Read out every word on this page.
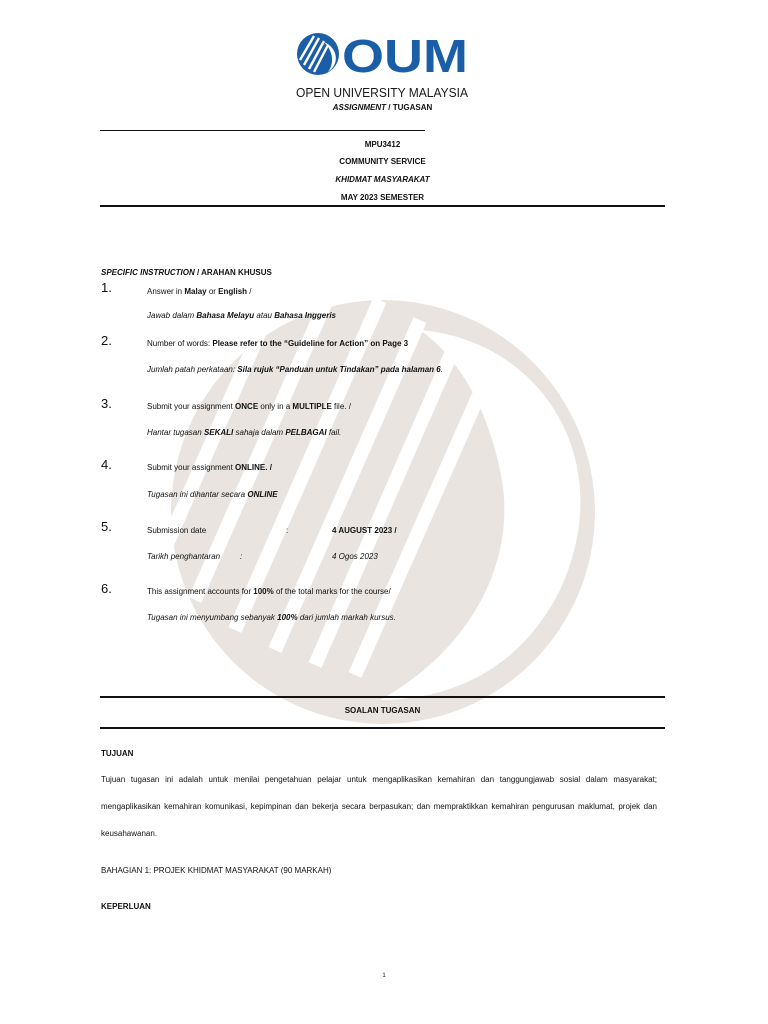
OUM
OPEN UNIVERSITY MALAYSIA
ASSIGNMENT / TUGASAN
MPU3412
COMMUNITY SERVICE
KHIDMAT MASYARAKAT
MAY 2023 SEMESTER
SPECIFIC INSTRUCTION / ARAHAN KHUSUS
1.	Answer in Malay or English /
Jawab dalam Bahasa Melayu atau Bahasa Inggeris
2.	Number of words: Please refer to the “Guideline for Action” on Page 3
Jumlah patah perkataan: Sila rujuk “Panduan untuk Tindakan” pada halaman 6.
3.	Submit your assignment ONCE only in a MULTIPLE file. /
Hantar tugasan SEKALI sahaja dalam PELBAGAI fail.
4.	Submit your assignment ONLINE. /
Tugasan ini dihantar secara ONLINE
5.	Submission date	:	4 AUGUST 2023 /
Tarikh penghantaran :	4 Ogos 2023
6.	This assignment accounts for 100% of the total marks for the course/
Tugasan ini menyumbang sebanyak 100% dari jumlah markah kursus.
SOALAN TUGASAN
TUJUAN
Tujuan tugasan ini adalah untuk menilai pengetahuan pelajar untuk mengaplikasikan kemahiran dan tanggungjawab sosial dalam masyarakat;
mengaplikasikan kemahiran komunikasi, kepimpinan dan bekerja secara berpasukan; dan mempraktikkan kemahiran pengurusan maklumat, projek dan
keusahawanan.
BAHAGIAN 1: PROJEK KHIDMAT MASYARAKAT (90 MARKAH)
KEPERLUAN
1
